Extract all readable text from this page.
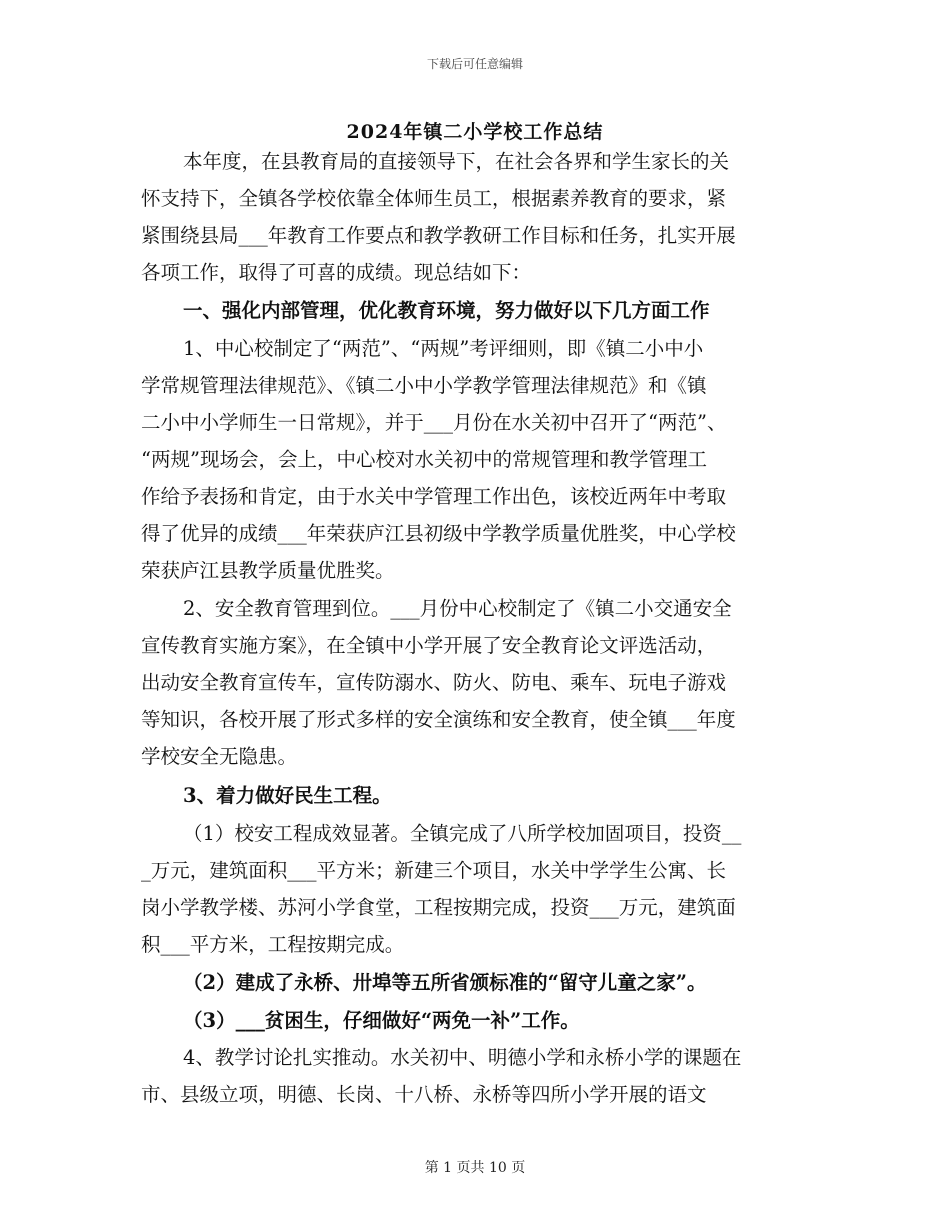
下载后可任意编辑
2024年镇二小学校工作总结
本年度，在县教育局的直接领导下，在社会各界和学生家长的关
怀支持下，全镇各学校依靠全体师生员工，根据素养教育的要求，紧
紧围绕县局___年教育工作要点和教学教研工作目标和任务，扎实开展
各项工作，取得了可喜的成绩。现总结如下：
一、强化内部管理，优化教育环境，努力做好以下几方面工作
1、中心校制定了“两范”、“两规”考评细则，即《镇二小中小
学常规管理法律规范》、《镇二小中小学教学管理法律规范》和《镇
二小中小学师生一日常规》，并于___月份在水关初中召开了“两范”、
“两规”现场会，会上，中心校对水关初中的常规管理和教学管理工
作给予表扬和肯定，由于水关中学管理工作出色，该校近两年中考取
得了优异的成绩___年荣获庐江县初级中学教学质量优胜奖，中心学校
荣获庐江县教学质量优胜奖。
2、安全教育管理到位。___月份中心校制定了《镇二小交通安全
宣传教育实施方案》，在全镇中小学开展了安全教育论文评选活动，
出动安全教育宣传车，宣传防溺水、防火、防电、乘车、玩电子游戏
等知识，各校开展了形式多样的安全演练和安全教育，使全镇___年度
学校安全无隐患。
3、着力做好民生工程。
（1）校安工程成效显著。全镇完成了八所学校加固项目，投资__
_万元，建筑面积___平方米；新建三个项目，水关中学学生公寓、长
岗小学教学楼、苏河小学食堂，工程按期完成，投资___万元，建筑面
积___平方米，工程按期完成。
（2）建成了永桥、卅埠等五所省颁标准的“留守儿童之家”。
（3）___贫困生，仔细做好“两免一补”工作。
4、教学讨论扎实推动。水关初中、明德小学和永桥小学的课题在
市、县级立项，明德、长岗、十八桥、永桥等四所小学开展的语文
第 1 页共 10 页
